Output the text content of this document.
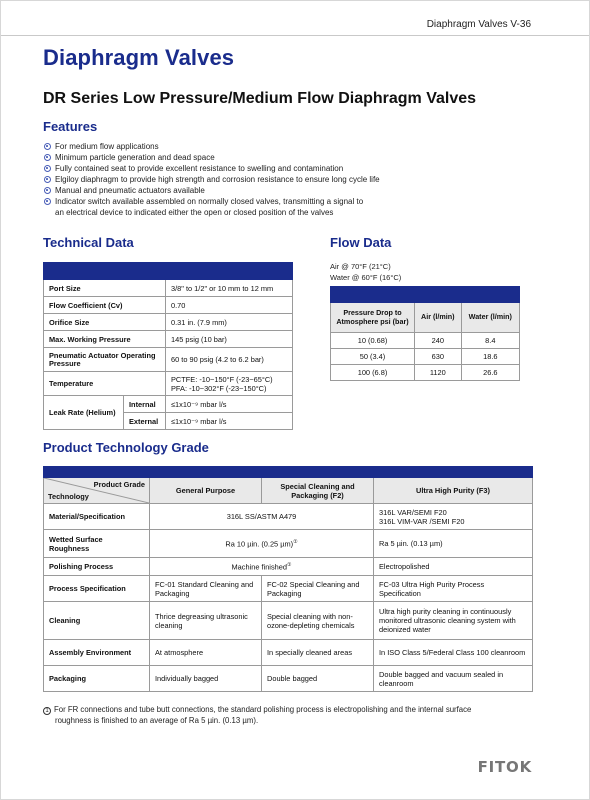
Diaphragm Valves V-36
Diaphragm Valves
DR Series Low Pressure/Medium Flow Diaphragm Valves
Features
For medium flow applications
Minimum particle generation and dead space
Fully contained seat to provide excellent resistance to swelling and contamination
Elgiloy diaphragm to provide high strength and corrosion resistance to ensure long cycle life
Manual and pneumatic actuators available
Indicator switch available assembled on normally closed valves, transmitting a signal to
an electrical device to indicated either the open or closed position of the valves
Technical Data

Port Size		3/8" to 1/2" or 10 mm to 12 mm
Flow Coefficient (Cv)		0.70
Orifice Size		0.31 in. (7.9 mm)
Max. Working Pressure		145 psig (10 bar)
Pneumatic Actuator Operating Pressure		60 to 90 psig (4.2 to 6.2 bar)
Temperature		PCTFE: -10~150°F (-23~65°C)
PFA: -10~302°F (-23~150°C)

Leak Rate (Helium)	Internal	≤1x10⁻⁹ mbar l/s
	External	≤1x10⁻⁹ mbar l/s
Flow Data
Air @ 70°F (21°C)
Water @ 60°F (16°C)

Pressure Drop to Atmosphere psi (bar)	Air (l/min)	Water (l/min)
10 (0.68)	240	8.4
50 (3.4)	630	18.6
100 (6.8)	1120	26.6
Product Technology Grade

Product Grade
Technology	General Purpose	Special Cleaning and Packaging (F2)	Ultra High Purity (F3)
Material/Specification	316L SS/ASTM A479		316L VAR/SEMI F20
316L VIM-VAR /SEMI F20

Wetted Surface Roughness	Ra 10 µin. (0.25 µm)①		Ra 5 µin. (0.13 µm)
Polishing Process	Machine finished①		Electropolished
Process Specification	FC-01 Standard Cleaning and Packaging	FC-02 Special Cleaning and Packaging	FC-03 Ultra High Purity Process Specification
Cleaning	Thrice degreasing ultrasonic cleaning	Special cleaning with non-ozone-depleting chemicals	Ultra high purity cleaning in continuously monitored ultrasonic cleaning system with deionized water
Assembly Environment	At atmosphere	In specially cleaned areas	In ISO Class 5/Federal Class 100 cleanroom
Packaging	Individually bagged	Double bagged	Double bagged and vacuum sealed in cleanroom
1 For FR connections and tube butt connections, the standard polishing process is electropolishing and the internal surface
roughness is finished to an average of Ra 5 µin. (0.13 µm).
FITOK
